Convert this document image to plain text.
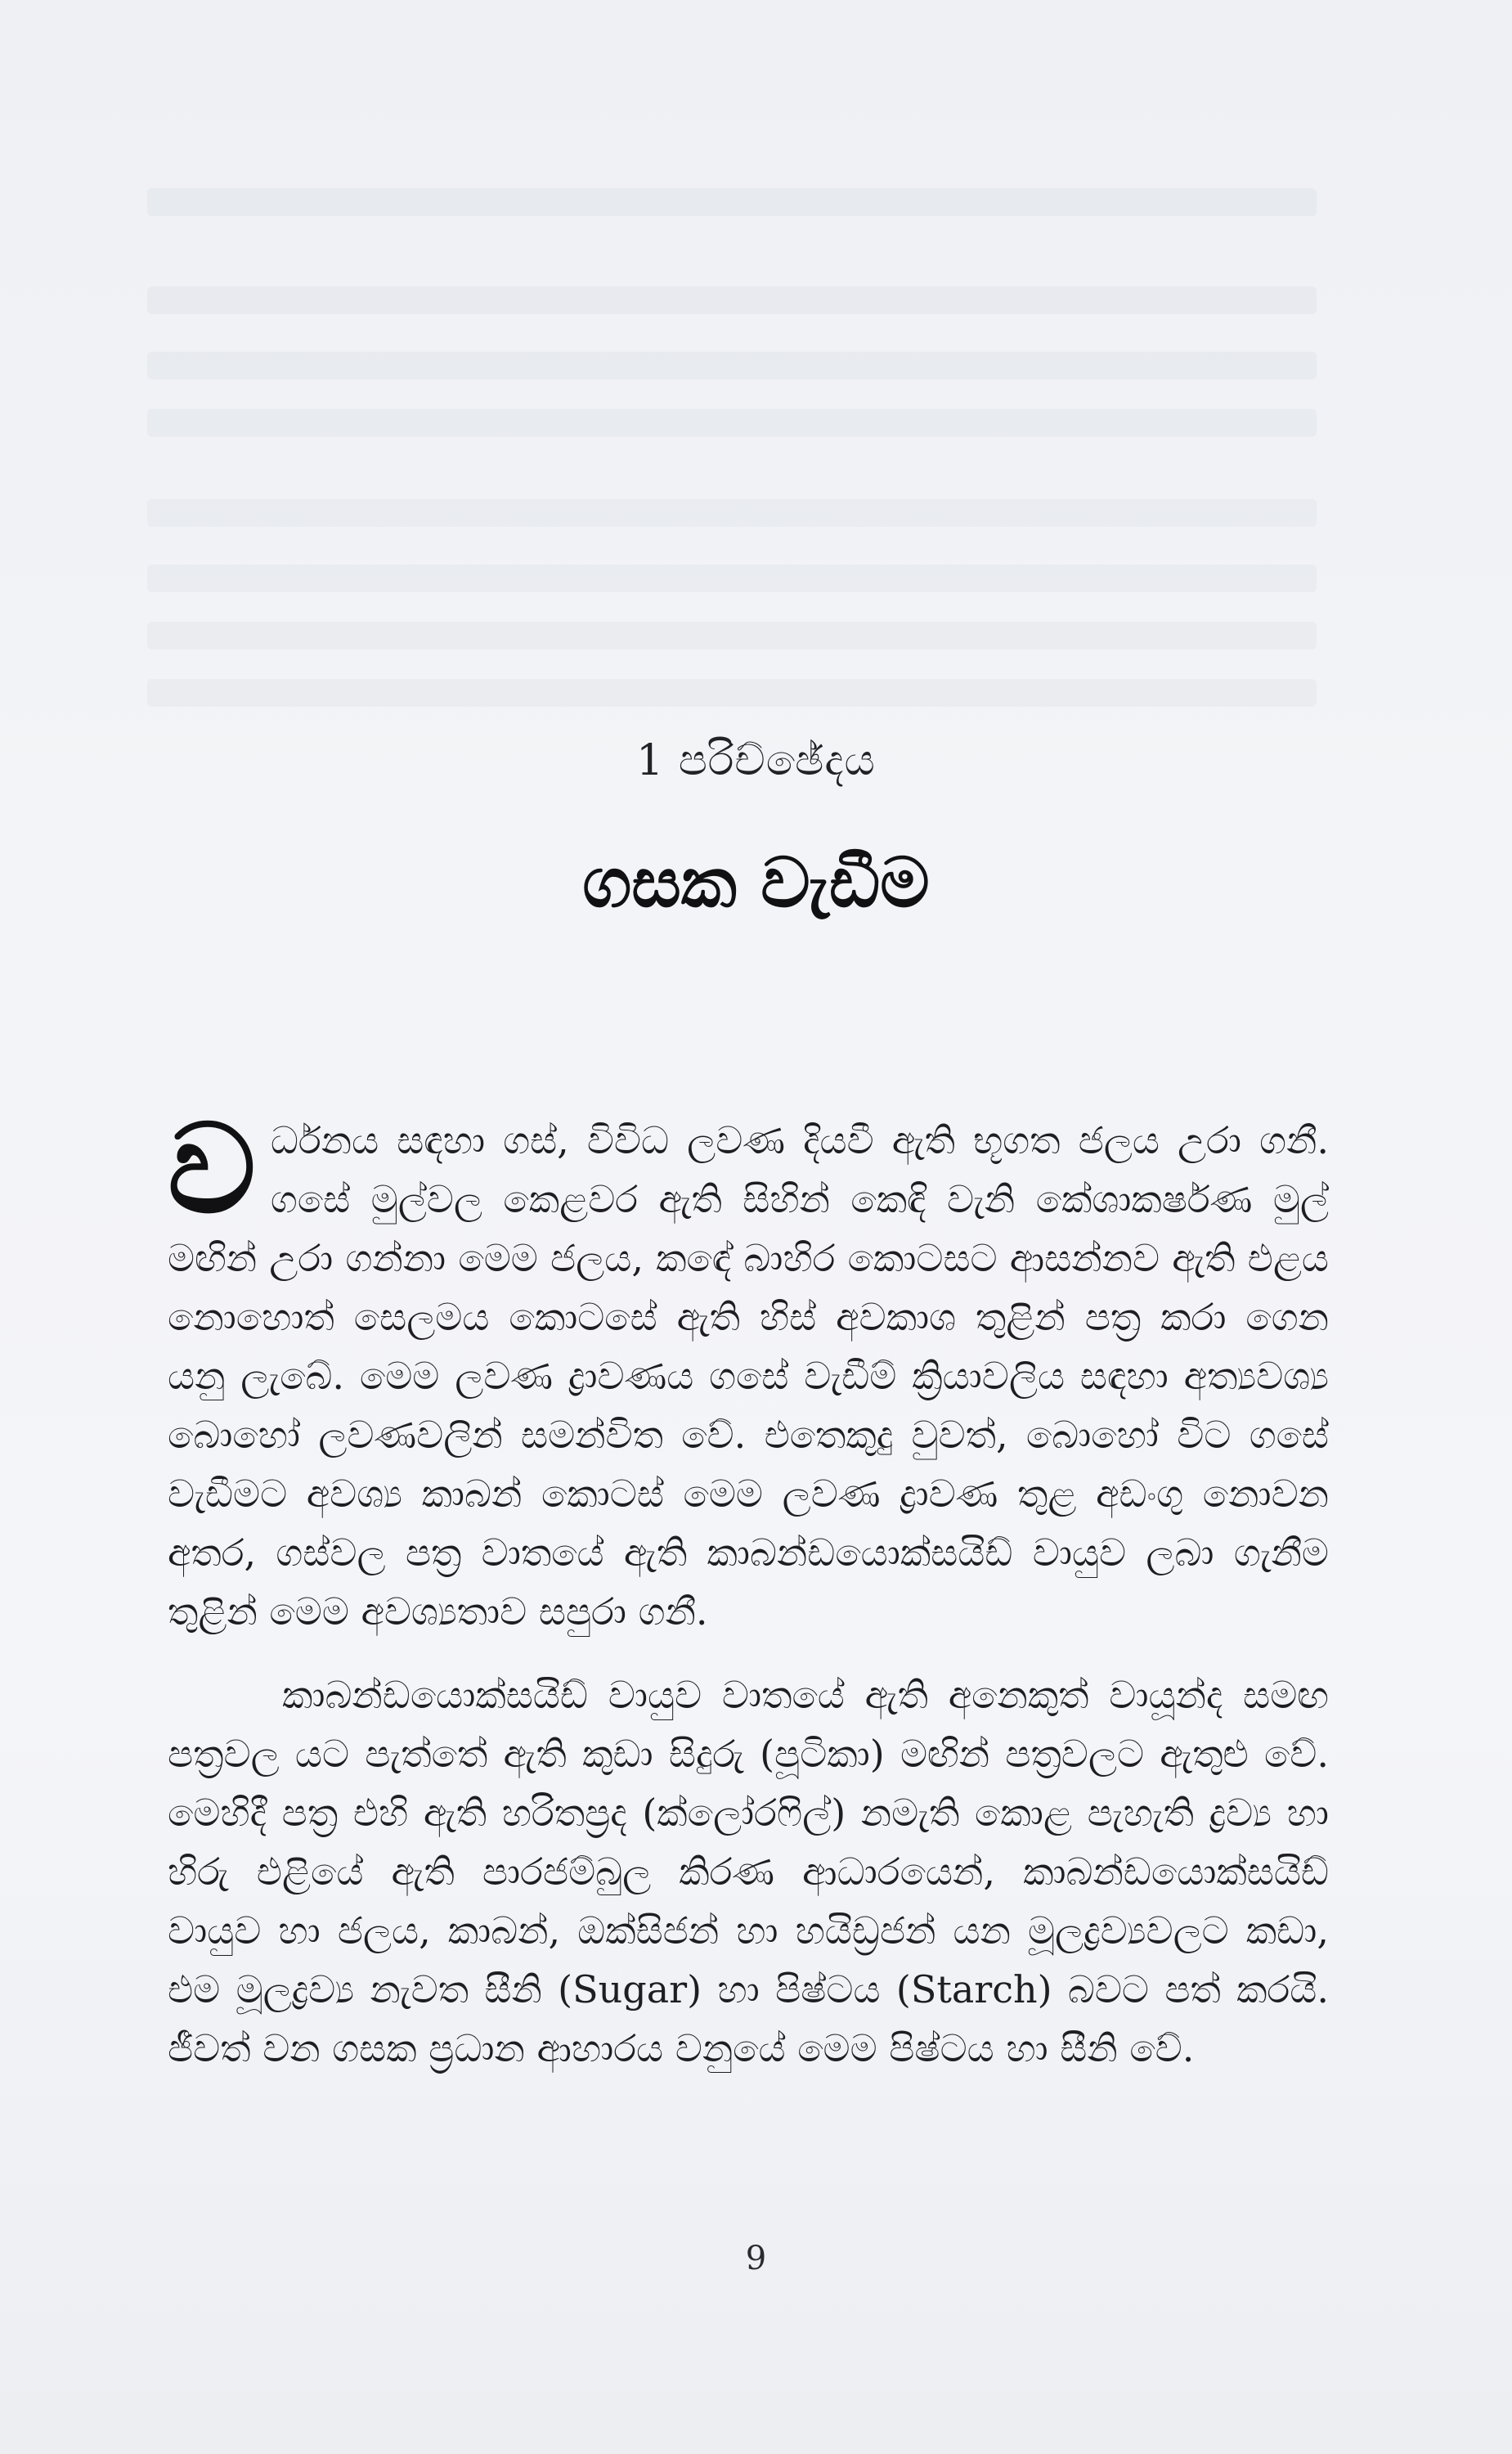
1 පරිච්ඡේදය
ගසක වැඩීම

ව ර්ධනය සඳහා ගස්, විවිධ ලවණ දියවී ඇති භූගත ජලය උරා ගනී. ගසේ මුල්වල කෙළවර ඇති සිහින් කෙඳි වැනි කේශාකර්ෂණ මුල් මඟින් උරා ගන්නා මෙම ජලය, කඳේ බාහිර කොටසට ආසන්නව ඇති එළය නොහොත් සෙලමය කොටසේ ඇති හිස් අවකාශ තුළින් පත්‍ර කරා ගෙන යනු ලැබේ. මෙම ලවණ ද්‍රාවණය ගසේ වැඩීම් ක්‍රියාවලිය සඳහා අත්‍යවශ්‍ය බොහෝ ලවණවලින් සමන්විත වේ. එතෙකුදු වුවත්, බොහෝ විට ගසේ වැඩීමට අවශ්‍ය කාබන් කොටස් මෙම ලවණ ද්‍රාවණ තුළ අඩංගු නොවන අතර, ගස්වල පත්‍ර වාතයේ ඇති කාබන්ඩයොක්සයිඩ් වායුව ලබා ගැනීම තුළින් මෙම අවශ්‍යතාව සපුරා ගනී.

කාබන්ඩයොක්සයිඩ් වායුව වාතයේ ඇති අනෙකුත් වායූන්ද සමඟ පත්‍රවල යට පැත්තේ ඇති කුඩා සිදුරු (පූටිකා) මඟින් පත්‍රවලට ඇතුළු වේ. මෙහිදී පත්‍ර එහි ඇති හරිතප්‍රද (ක්ලෝරෆිල්) නමැති කොළ පැහැති ද්‍රව්‍ය හා හිරු එළියේ ඇති පාරජම්බුල කිරණ ආධාරයෙන්, කාබන්ඩයොක්සයිඩ් වායුව හා ජලය, කාබන්, ඔක්සිජන් හා හයිඩ්‍රජන් යන මූලද්‍රව්‍යවලට කඩා, එම මූලද්‍රව්‍ය නැවත සීනි (Sugar) හා පිෂ්ටය (Starch) බවට පත් කරයි. ජීවත් වන ගසක ප්‍රධාන ආහාරය වනුයේ මෙම පිෂ්ටය හා සීනි වේ.

9
